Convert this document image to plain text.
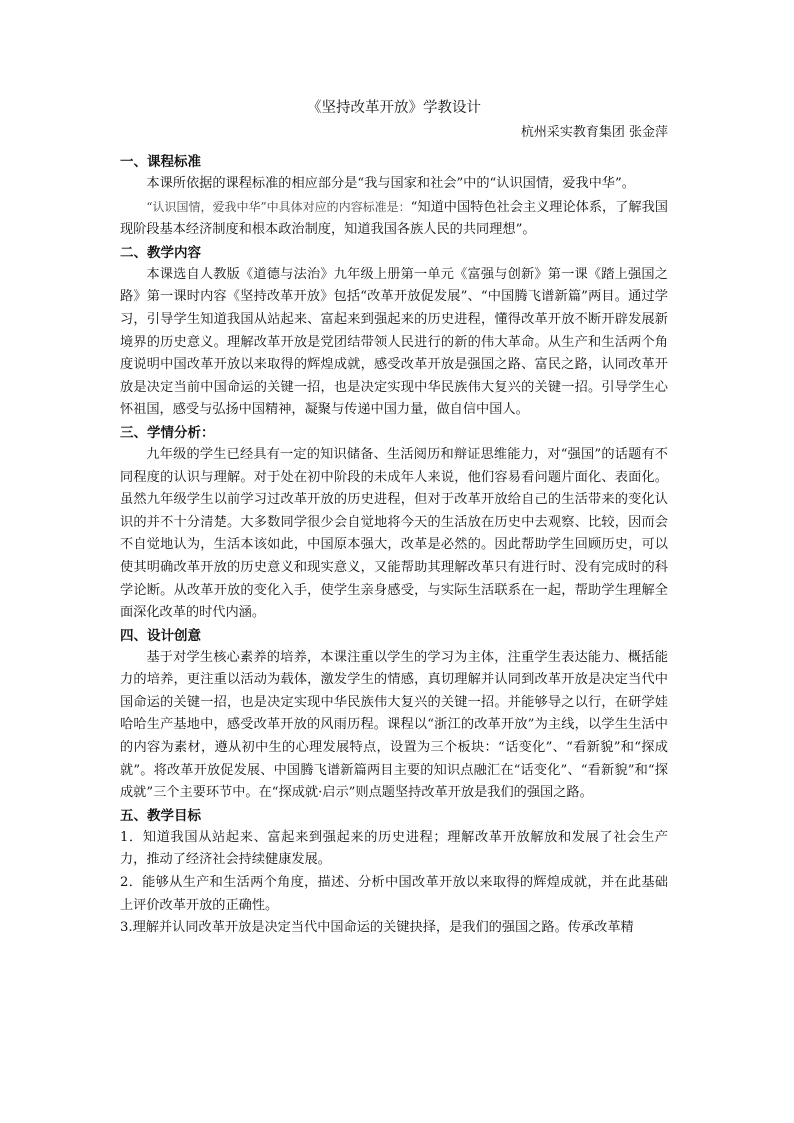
《坚持改革开放》学教设计

杭州采实教育集团 张金萍

一、课程标准

本课所依据的课程标准的相应部分是“我与国家和社会”中的“认识国情，爱我中华”。

“认识国情，爱我中华”中具体对应的内容标准是：“知道中国特色社会主义理论体系，了解我国现阶段基本经济制度和根本政治制度，知道我国各族人民的共同理想”。

二、教学内容

本课选自人教版《道德与法治》九年级上册第一单元《富强与创新》第一课《踏上强国之路》第一课时内容《坚持改革开放》包括“改革开放促发展”、“中国腾飞谱新篇”两目。通过学习，引导学生知道我国从站起来、富起来到强起来的历史进程，懂得改革开放不断开辟发展新境界的历史意义。理解改革开放是党团结带领人民进行的新的伟大革命。从生产和生活两个角度说明中国改革开放以来取得的辉煌成就，感受改革开放是强国之路、富民之路，认同改革开放是决定当前中国命运的关键一招，也是决定实现中华民族伟大复兴的关键一招。引导学生心怀祖国，感受与弘扬中国精神，凝聚与传递中国力量，做自信中国人。

三、学情分析：

九年级的学生已经具有一定的知识储备、生活阅历和辩证思维能力，对“强国”的话题有不同程度的认识与理解。对于处在初中阶段的未成年人来说，他们容易看问题片面化、表面化。虽然九年级学生以前学习过改革开放的历史进程，但对于改革开放给自己的生活带来的变化认识的并不十分清楚。大多数同学很少会自觉地将今天的生活放在历史中去观察、比较，因而会不自觉地认为，生活本该如此，中国原本强大，改革是必然的。因此帮助学生回顾历史，可以使其明确改革开放的历史意义和现实意义，又能帮助其理解改革只有进行时、没有完成时的科学论断。从改革开放的变化入手，使学生亲身感受，与实际生活联系在一起，帮助学生理解全面深化改革的时代内涵。

四、设计创意

基于对学生核心素养的培养，本课注重以学生的学习为主体，注重学生表达能力、概括能力的培养，更注重以活动为载体，激发学生的情感，真切理解并认同到改革开放是决定当代中国命运的关键一招，也是决定实现中华民族伟大复兴的关键一招。并能够导之以行，在研学娃哈哈生产基地中，感受改革开放的风雨历程。课程以“浙江的改革开放”为主线，以学生生活中的内容为素材，遵从初中生的心理发展特点，设置为三个板块：“话变化”、“看新貌”和“探成就”。将改革开放促发展、中国腾飞谱新篇两目主要的知识点融汇在“话变化”、“看新貌”和“探成就”三个主要环节中。在“探成就·启示”则点题坚持改革开放是我们的强国之路。

五、教学目标

1．知道我国从站起来、富起来到强起来的历史进程；理解改革开放解放和发展了社会生产力，推动了经济社会持续健康发展。

2．能够从生产和生活两个角度，描述、分析中国改革开放以来取得的辉煌成就，并在此基础上评价改革开放的正确性。

3.理解并认同改革开放是决定当代中国命运的关键抉择，是我们的强国之路。传承改革精
